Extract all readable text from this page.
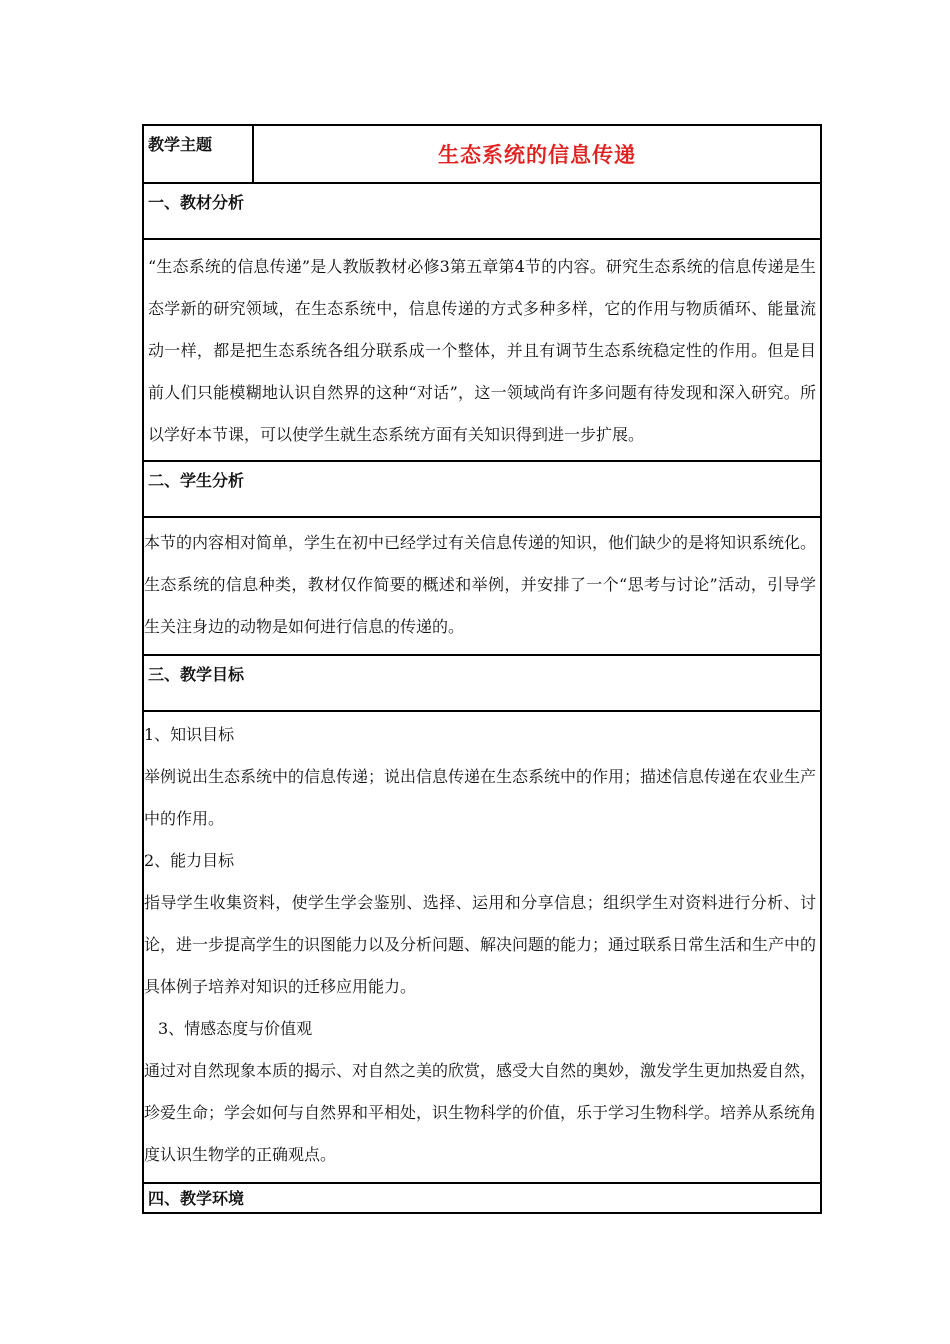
教学主题	生态系统的信息传递
一、教材分析

“生态系统的信息传递”是人教版教材必修3第五章第4节的内容。研究生态系统的信息传递是生态学新的研究领域，在生态系统中，信息传递的方式多种多样，它的作用与物质循环、能量流动一样，都是把生态系统各组分联系成一个整体，并且有调节生态系统稳定性的作用。但是目前人们只能模糊地认识自然界的这种“对话”，这一领域尚有许多问题有待发现和深入研究。所以学好本节课，可以使学生就生态系统方面有关知识得到进一步扩展。

二、学生分析

本节的内容相对简单，学生在初中已经学过有关信息传递的知识，他们缺少的是将知识系统化。生态系统的信息种类，教材仅作简要的概述和举例，并安排了一个“思考与讨论”活动，引导学生关注身边的动物是如何进行信息的传递的。

三、教学目标

1、知识目标

举例说出生态系统中的信息传递；说出信息传递在生态系统中的作用；描述信息传递在农业生产中的作用。

2、能力目标

指导学生收集资料，使学生学会鉴别、选择、运用和分享信息；组织学生对资料进行分析、讨论，进一步提高学生的识图能力以及分析问题、解决问题的能力；通过联系日常生活和生产中的具体例子培养对知识的迁移应用能力。

3、情感态度与价值观

通过对自然现象本质的揭示、对自然之美的欣赏，感受大自然的奥妙，激发学生更加热爱自然，珍爱生命；学会如何与自然界和平相处，识生物科学的价值，乐于学习生物科学。培养从系统角度认识生物学的正确观点。

四、教学环境
